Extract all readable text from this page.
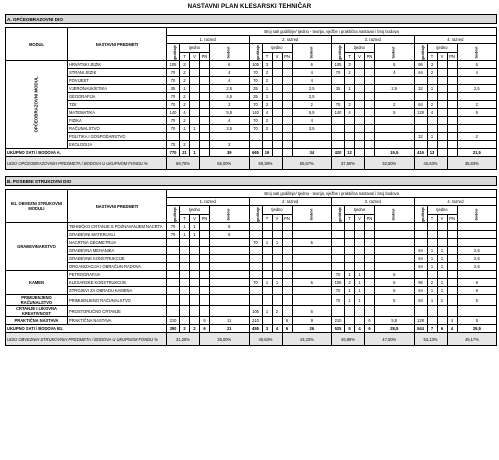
NASTAVNI PLAN KLESARSKI TEHNIČAR
A. OPĆEOBRAZOVNI DIO																					

MODUL	NASTAVNI PREDMETI	Broj sati godišnje/ tjedno - teorija, vježbe i praktična nastava/ i broj bodova																			
		1. razred					2. razred					3. razred					4. razred				
		godišnje	tjedno			bodovi	godišnje	tjedno			bodovi	godišnje	tjedno			bodovi	godišnje	tjedno			bodovi
			T	V	PN			T	V	PN			T	V	PN			T	V	PN	
OPĆEOBRAZOVNI MODUL	HRVATSKI JEZIK	105	3			6	105	3			6	105	3			6	96	3			6
	STRANI JEZIK	70	2			4	70	2			4	70	2			4	64	2			4
	POVIJEST	70	2			4	70	2			4										
	VJERONAUK/ETIKA	35	1			2,5	35	1			2,5	35	1			2,5	32	1			2,5
	GEOGRAFIJA	70	2			4,5	35	1			2,5										
	TZK	70	2			2	70	2			2	70	2			2	64	2			2
	MATEMATIKA	140	4			5,5	140	4			5,5	140	4			5	128	4			5
	FIZIKA	70	2			4	70	2			4										
	RAČUNALSTVO	70	1	1		3,5	70	2			3,5										
	POLITIKA I GOSPODARSTVO																32	1			2
	EKOLOGIJA	70	2			3															
UKUPNO SATI / BODOVA A.		770	21	1		39	665	19			34	420	12			19,5	416	13			21,5
UDIO OPĆEOBRAZOVNIH PREDMETA / BODOVA U UKUPNOM FONDU %		68,75%			65,00%		59,38%			56,67%		37,50%			32,50%		40,63%			35,83%	

B. POSEBNI STRUKOVNI DIO																					

B1. OBVEZNI STRUKOVNI MODULI	NASTAVNI PREDMETI	Broj sati godišnje/ tjedno - teorija, vježbe i praktična nastava/ i broj bodova																			
		1. razred					2. razred					3. razred					4. razred				
		godišnje	tjedno			bodovi	godišnje	tjedno			bodovi	godišnje	tjedno			bodovi	godišnje	tjedno			bodovi
			T	V	PN			T	V	PN			T	V	PN			T	V	PN	
GRAĐEVINARSTVO	TEHNIČKO CRTANJE S POZNAVANJEM NACRTA	70	1	1		5															
	GRAĐEVNI MATERIJALI	70	1	1		5															
	NACRTNA GEOMETRIJA						70	1	1		5										
	GRAĐEVNA MEHANIKA																64	1	1		2,5
	GRAĐEVNE KONSTRUKCIJE																64	1	1		2,5
	ORGANIZACIJA I OBRAČUN RADOVA																64	1	1		2,5
KAMEN	PETROGRAFIJA											70	1	1		6					
	KLESARSKE KONSTRUKCIJE						70	1	1		6	105	2	1		6	96	2	1		6
	STROJEVI ZA OBRADU KAMENA											70	1	1		6	64	1	1		6
PRIMIJENJENO RAČUNALSTVO	PRIMIJENJENO RAČUNALSTVO											70	1	1		5	64	1	1		5
CRTANJE I LIKOVNA KREATIVNOST	PROSTORUČNO CRTANJE						105	1	2		6										
PRAKTIČNA NASTAVA	PRAKTIČNA NASTAVA	210			6	11	210			6	9	210			6	5,5	128			4	5
UKUPNO SATI / BODOVA B1.		350	2	2	6	21	455	3	4	6	26	525	5	4	6	28,5	544	7	6	4	29,5
UDIO OBVEZNIH STRUKOVNIH PREDMETA / BODOVA U UKUPNOM FONDU %		31,25%			35,00%		40,63%			43,33%		46,88%			47,50%		53,13%			49,17%	
